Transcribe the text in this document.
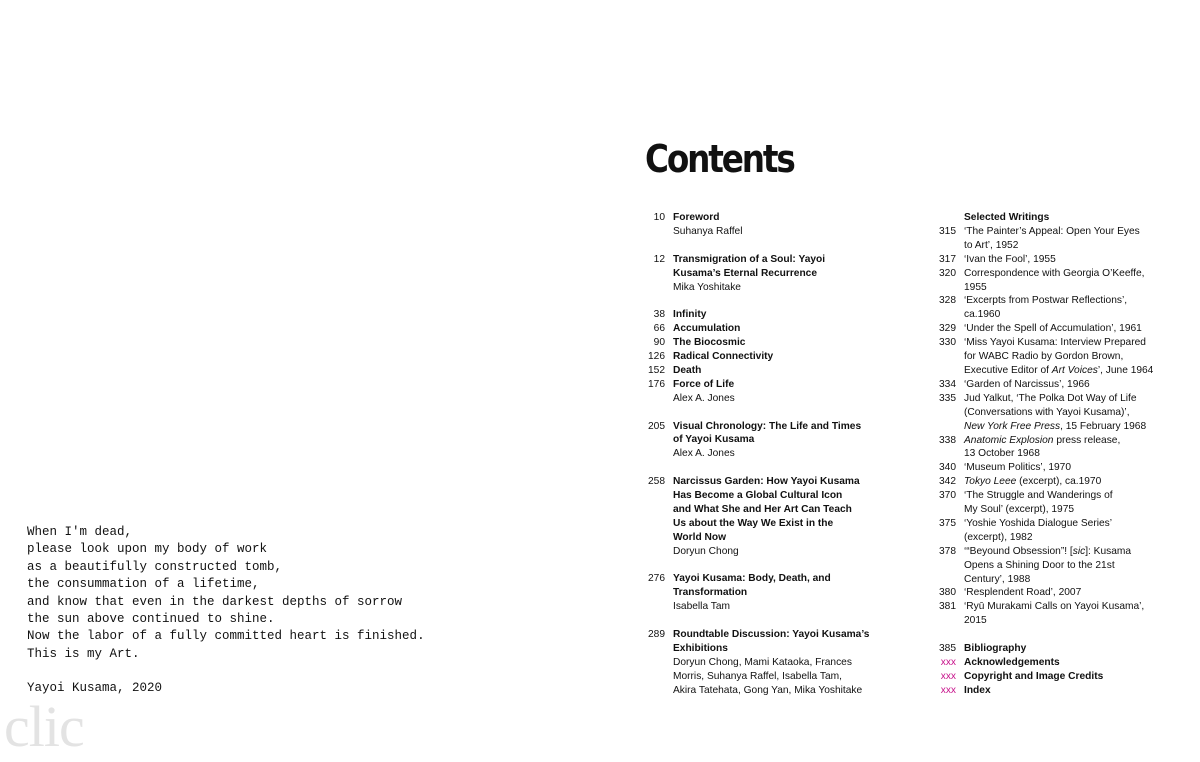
When I'm dead,
please look upon my body of work
as a beautifully constructed tomb,
the consummation of a lifetime,
and know that even in the darkest depths of sorrow
the sun above continued to shine.
Now the labor of a fully committed heart is finished.
This is my Art.
Yayoi Kusama, 2020
clic
Contents
10 Foreword
Suhanya Raffel
12 Transmigration of a Soul: Yayoi
Kusama’s Eternal Recurrence
Mika Yoshitake
38 Infinity
66 Accumulation
90 The Biocosmic
126 Radical Connectivity
152 Death
176 Force of Life
Alex A. Jones
205 Visual Chronology: The Life and Times
of Yayoi Kusama
Alex A. Jones
258 Narcissus Garden: How Yayoi Kusama
Has Become a Global Cultural Icon
and What She and Her Art Can Teach
Us about the Way We Exist in the
World Now
Doryun Chong
276 Yayoi Kusama: Body, Death, and
Transformation
Isabella Tam
289 Roundtable Discussion: Yayoi Kusama’s
Exhibitions
Doryun Chong, Mami Kataoka, Frances
Morris, Suhanya Raffel, Isabella Tam,
Akira Tatehata, Gong Yan, Mika Yoshitake
Selected Writings
315 ‘The Painter’s Appeal: Open Your Eyes
to Art’, 1952
317 ‘Ivan the Fool’, 1955
320 Correspondence with Georgia O’Keeffe,
1955
328 ‘Excerpts from Postwar Reflections’,
ca.1960
329 ‘Under the Spell of Accumulation’, 1961
330 ‘Miss Yayoi Kusama: Interview Prepared
for WABC Radio by Gordon Brown,
Executive Editor of Art Voices’, June 1964
334 ‘Garden of Narcissus’, 1966
335 Jud Yalkut, ‘The Polka Dot Way of Life
(Conversations with Yayoi Kusama)’,
New York Free Press, 15 February 1968
338 Anatomic Explosion press release,
13 October 1968
340 ‘Museum Politics’, 1970
342 Tokyo Leee (excerpt), ca.1970
370 ‘The Struggle and Wanderings of
My Soul’ (excerpt), 1975
375 ‘Yoshie Yoshida Dialogue Series’
(excerpt), 1982
378 ‘“Beyound Obsession”! [sic]: Kusama
Opens a Shining Door to the 21st
Century’, 1988
380 ‘Resplendent Road’, 2007
381 ‘Ryū Murakami Calls on Yayoi Kusama’,
2015
385 Bibliography
xxx Acknowledgements
xxx Copyright and Image Credits
xxx Index
